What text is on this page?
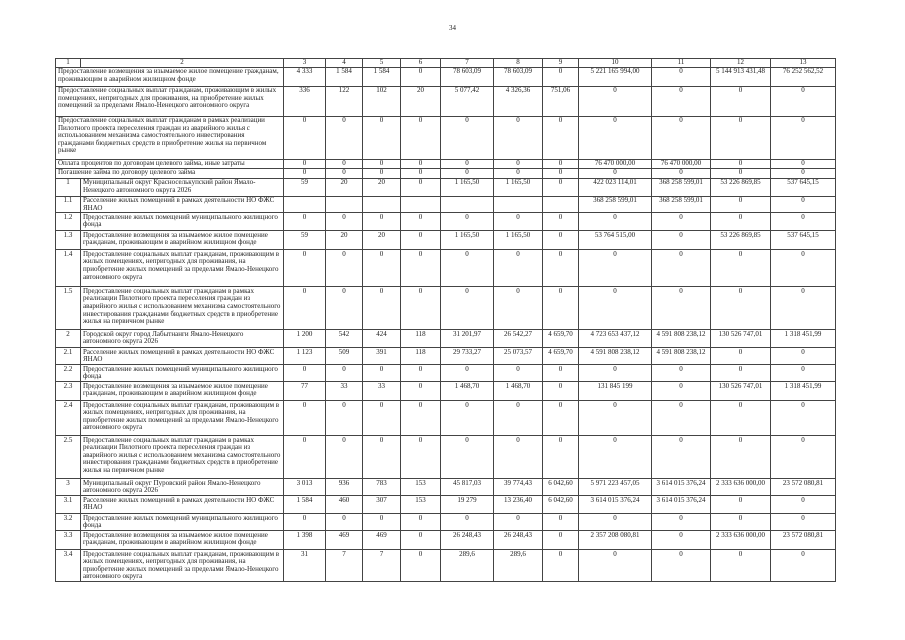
34
1	2	3	4	5	6	7	8	9	10	11	12	13
Предоставление возмещения за изымаемое жилое помещение гражданам, проживающим в аварийном жилищном фонде		4 333	1 584	1 584	0	78 603,09	78 603,09	0	5 221 165 994,00	0	5 144 913 431,48	76 252 562,52
Предоставление социальных выплат гражданам, проживающим в жилых помещениях, непригодных для проживания, на приобретение жилых помещений за пределами Ямало-Ненецкого автономного округа		336	122	102	20	5 077,42	4 326,36	751,06	0	0	0	0
Предоставление социальных выплат гражданам в рамках реализации Пилотного проекта переселения граждан из аварийного жилья с использованием механизма самостоятельного инвестирования гражданами бюджетных средств в приобретение жилья на первичном рынке		0	0	0	0	0	0	0	0	0	0	0
Оплата процентов по договорам целевого займа, иные затраты		0	0	0	0	0	0	0	76 470 000,00	76 470 000,00	0	0
Погашение займа по договору целевого займа		0	0	0	0	0	0	0	0	0	0	0
1	Муниципальный округ Красноселькупский район Ямало-Ненецкого автономного округа 2026	59	20	20	0	1 165,50	1 165,50	0	422 023 114,01	368 258 599,01	53 226 869,85	537 645,15
1.1	Расселение жилых помещений в рамках деятельности НО ФЖС ЯНАО								368 258 599,01	368 258 599,01	0	0
1.2	Предоставление жилых помещений муниципального жилищного фонда	0	0	0	0	0	0	0	0	0	0	0
1.3	Предоставление возмещения за изымаемое жилое помещение гражданам, проживающим в аварийном жилищном фонде	59	20	20	0	1 165,50	1 165,50	0	53 764 515,00	0	53 226 869,85	537 645,15
1.4	Предоставление социальных выплат гражданам, проживающим в жилых помещениях, непригодных для проживания, на приобретение жилых помещений за пределами Ямало-Ненецкого автономного округа	0	0	0	0	0	0	0	0	0	0	0
1.5	Предоставление социальных выплат гражданам в рамках реализации Пилотного проекта переселения граждан из аварийного жилья с использованием механизма самостоятельного инвестирования гражданами бюджетных средств в приобретение жилья на первичном рынке	0	0	0	0	0	0	0	0	0	0	0
2	Городской округ город Лабытнанги Ямало-Ненецкого автономного округа 2026	1 200	542	424	118	31 201,97	26 542,27	4 659,70	4 723 653 437,12	4 591 808 238,12	130 526 747,01	1 318 451,99
2.1	Расселение жилых помещений в рамках деятельности НО ФЖС ЯНАО	1 123	509	391	118	29 733,27	25 073,57	4 659,70	4 591 808 238,12	4 591 808 238,12	0	0
2.2	Предоставление жилых помещений муниципального жилищного фонда	0	0	0	0	0	0	0	0	0	0	0
2.3	Предоставление возмещения за изымаемое жилое помещение гражданам, проживающим в аварийном жилищном фонде	77	33	33	0	1 468,70	1 468,70	0	131 845 199	0	130 526 747,01	1 318 451,99
2.4	Предоставление социальных выплат гражданам, проживающим в жилых помещениях, непригодных для проживания, на приобретение жилых помещений за пределами Ямало-Ненецкого автономного округа	0	0	0	0	0	0	0	0	0	0	0
2.5	Предоставление социальных выплат гражданам в рамках реализации Пилотного проекта переселения граждан из аварийного жилья с использованием механизма самостоятельного инвестирования гражданами бюджетных средств в приобретение жилья на первичном рынке	0	0	0	0	0	0	0	0	0	0	0
3	Муниципальный округ Пуровский район Ямало-Ненецкого автономного округа 2026	3 013	936	783	153	45 817,03	39 774,43	6 042,60	5 971 223 457,05	3 614 015 376,24	2 333 636 000,00	23 572 080,81
3.1	Расселение жилых помещений в рамках деятельности НО ФЖС ЯНАО	1 584	460	307	153	19 279	13 236,40	6 042,60	3 614 015 376,24	3 614 015 376,24	0	0
3.2	Предоставление жилых помещений муниципального жилищного фонда	0	0	0	0	0	0	0	0	0	0	0
3.3	Предоставление возмещения за изымаемое жилое помещение гражданам, проживающим в аварийном жилищном фонде	1 398	469	469	0	26 248,43	26 248,43	0	2 357 208 080,81	0	2 333 636 000,00	23 572 080,81
3.4	Предоставление социальных выплат гражданам, проживающим в жилых помещениях, непригодных для проживания, на приобретение жилых помещений за пределами Ямало-Ненецкого автономного округа	31	7	7	0	289,6	289,6	0	0	0	0	0
